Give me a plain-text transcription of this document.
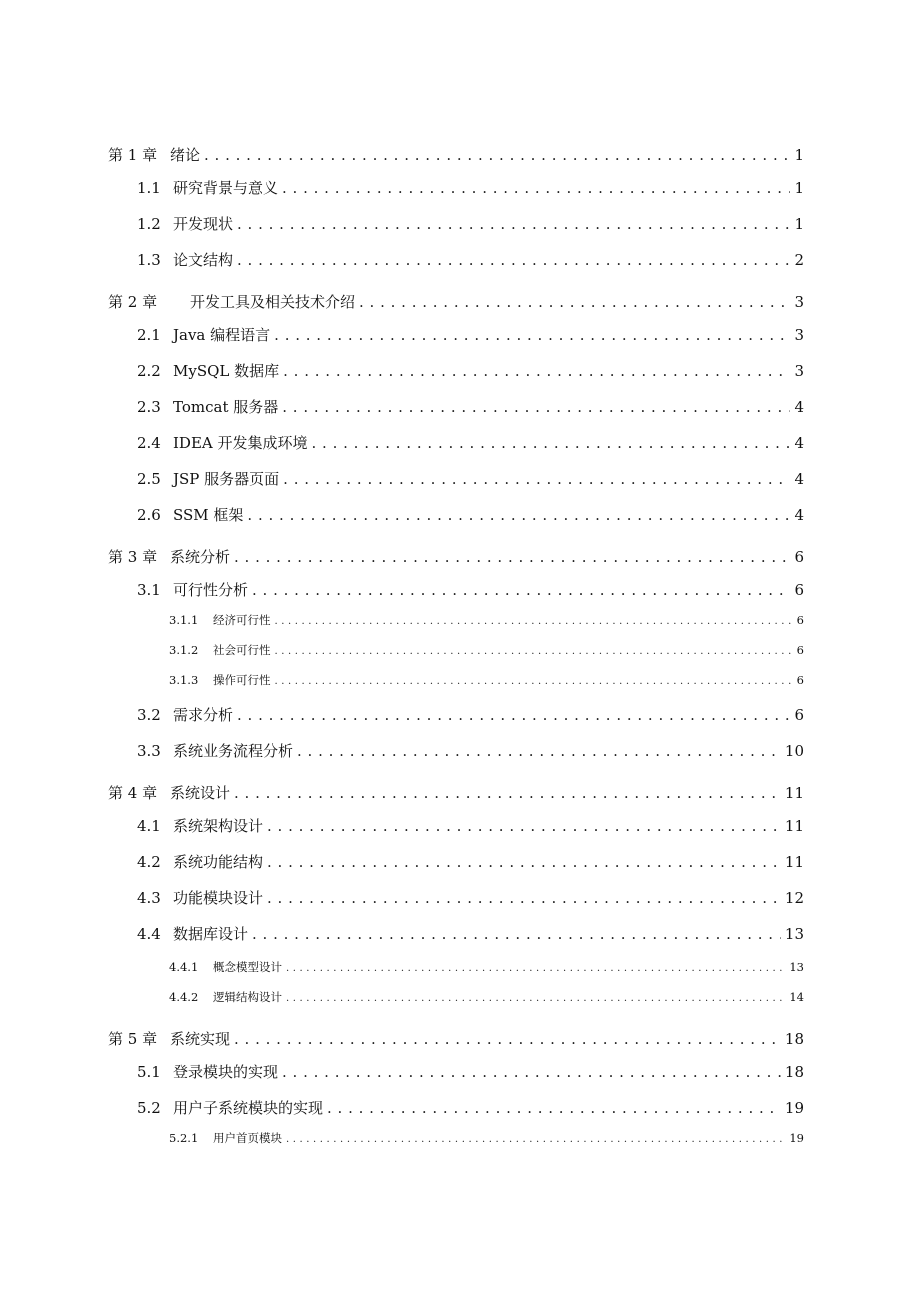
第 1 章 绪论 . . .	1
1.1 研究背景与意义 . . .	1
1.2 开发现状 . . .	1
1.3 论文结构 . . .	2
第 2 章	开发工具及相关技术介绍 . . .	3
2.1 Java 编程语言 . . .	3
2.2 MySQL 数据库 . . .	3
2.3 Tomcat 服务器 . . .	4
2.4 IDEA 开发集成环境 . . .	4
2.5 JSP 服务器页面 . . .	4
2.6 SSM 框架 . . .	4
第 3 章 系统分析 . . .	6
3.1 可行性分析 . . .	6
3.1.1	经济可行性 . . .	6
3.1.2	社会可行性 . . .	6
3.1.3	操作可行性 . . .	6
3.2 需求分析 . . .	6
3.3 系统业务流程分析 . . .	10
第 4 章 系统设计 . . .	11
4.1 系统架构设计 . . .	11
4.2 系统功能结构 . . .	11
4.3 功能模块设计 . . .	12
4.4 数据库设计 . . .	13
4.4.1	概念模型设计 . . .	13
4.4.2	逻辑结构设计 . . .	14
第 5 章 系统实现 . . .	18
5.1 登录模块的实现 . . .	18
5.2 用户子系统模块的实现 . . .	19
5.2.1	用户首页模块 . . .	19
